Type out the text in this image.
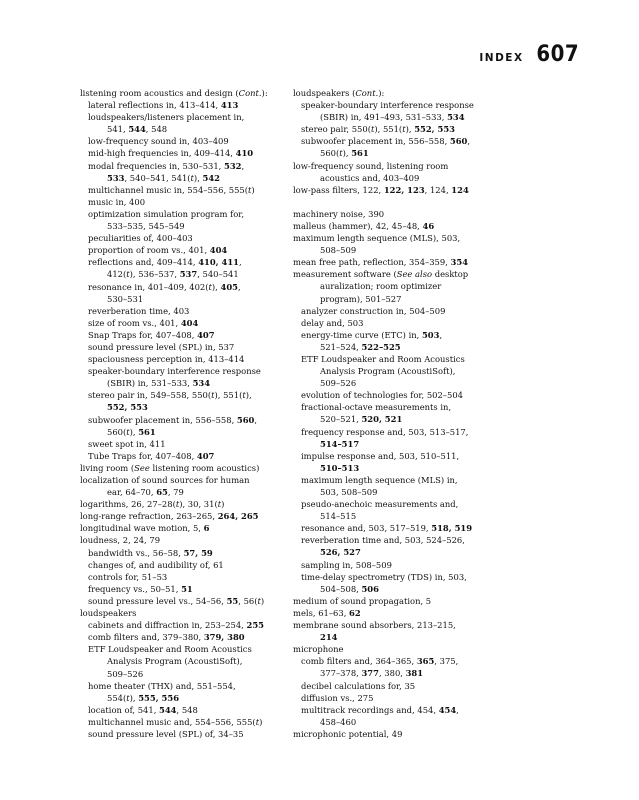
INDEX 607
listening room acoustics and design (Cont.):
lateral reflections in, 413–414, 413
loudspeakers/listeners placement in,
541, 544, 548
low-frequency sound in, 403–409
mid-high frequencies in, 409–414, 410
modal frequencies in, 530–531, 532,
533, 540–541, 541(t), 542
multichannel music in, 554–556, 555(t)
music in, 400
optimization simulation program for,
533–535, 545–549
peculiarities of, 400–403
proportion of room vs., 401, 404
reflections and, 409–414, 410, 411,
412(t), 536–537, 537, 540–541
resonance in, 401–409, 402(t), 405,
530–531
reverberation time, 403
size of room vs., 401, 404
Snap Traps for, 407–408, 407
sound pressure level (SPL) in, 537
spaciousness perception in, 413–414
speaker-boundary interference response
(SBIR) in, 531–533, 534
stereo pair in, 549–558, 550(t), 551(t),
552, 553
subwoofer placement in, 556–558, 560,
560(t), 561
sweet spot in, 411
Tube Traps for, 407–408, 407
living room (See listening room acoustics)
localization of sound sources for human
ear, 64–70, 65, 79
logarithms, 26, 27–28(t), 30, 31(t)
long-range refraction, 263–265, 264, 265
longitudinal wave motion, 5, 6
loudness, 2, 24, 79
bandwidth vs., 56–58, 57, 59
changes of, and audibility of, 61
controls for, 51–53
frequency vs., 50–51, 51
sound pressure level vs., 54–56, 55, 56(t)
loudspeakers
cabinets and diffraction in, 253–254, 255
comb filters and, 379–380, 379, 380
ETF Loudspeaker and Room Acoustics
Analysis Program (AcoustiSoft),
509–526
home theater (THX) and, 551–554,
554(t), 555, 556
location of, 541, 544, 548
multichannel music and, 554–556, 555(t)
sound pressure level (SPL) of, 34–35
loudspeakers (Cont.):
speaker-boundary interference response
(SBIR) in, 491–493, 531–533, 534
stereo pair, 550(t), 551(t), 552, 553
subwoofer placement in, 556–558, 560,
560(t), 561
low-frequency sound, listening room
acoustics and, 403–409
low-pass filters, 122, 122, 123, 124, 124
machinery noise, 390
malleus (hammer), 42, 45–48, 46
maximum length sequence (MLS), 503,
508–509
mean free path, reflection, 354–359, 354
measurement software (See also desktop
auralization; room optimizer
program), 501–527
analyzer construction in, 504–509
delay and, 503
energy-time curve (ETC) in, 503,
521–524, 522–525
ETF Loudspeaker and Room Acoustics
Analysis Program (AcoustiSoft),
509–526
evolution of technologies for, 502–504
fractional-octave measurements in,
520–521, 520, 521
frequency response and, 503, 513–517,
514–517
impulse response and, 503, 510–511,
510–513
maximum length sequence (MLS) in,
503, 508–509
pseudo-anechoic measurements and,
514–515
resonance and, 503, 517–519, 518, 519
reverberation time and, 503, 524–526,
526, 527
sampling in, 508–509
time-delay spectrometry (TDS) in, 503,
504–508, 506
medium of sound propagation, 5
mels, 61–63, 62
membrane sound absorbers, 213–215,
214
microphone
comb filters and, 364–365, 365, 375,
377–378, 377, 380, 381
decibel calculations for, 35
diffusion vs., 275
multitrack recordings and, 454, 454,
458–460
microphonic potential, 49
